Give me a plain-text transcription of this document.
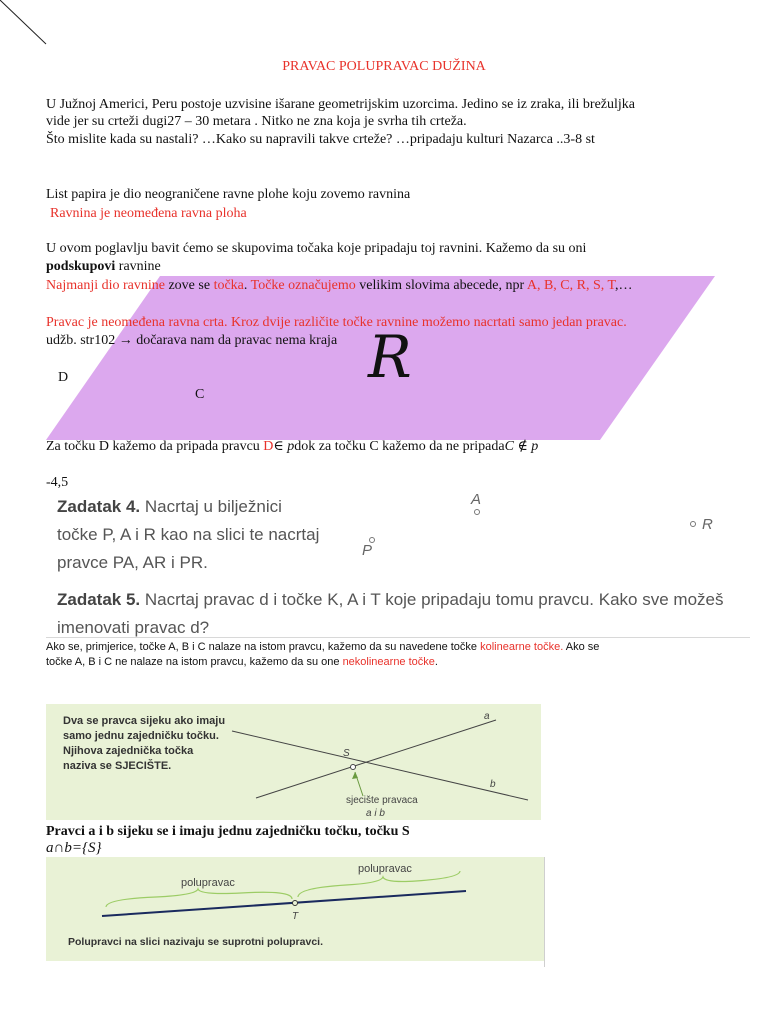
PRAVAC POLUPRAVAC DUŽINA
U Južnoj Americi, Peru postoje uzvisine išarane geometrijskim uzorcima. Jedino se iz zraka, ili brežuljka
vide jer su crteži dugi27 – 30 metara . Nitko ne zna koja je svrha tih crteža.
Što mislite kada su nastali? …Kako su napravili takve crteže? …pripadaju kulturi Nazarca ..3-8 st
List papira je dio neograničene ravne plohe koju zovemo ravnina
Ravnina je neomeđena ravna ploha
U ovom poglavlju bavit ćemo se skupovima točaka koje pripadaju toj ravnini. Kažemo da su oni
podskupovi ravnine
Najmanji dio ravnine zove se točka. Točke označujemo velikim slovima abecede, npr A, B, C, R, S, T,…
Pravac je neomeđena ravna crta. Kroz dvije različite točke ravnine možemo nacrtati samo jedan pravac.
udžb. str102 → dočarava nam da pravac nema kraja R
D
C
Za točku D kažemo da pripada pravcu D∈ pdok za točku C kažemo da ne pripadaC ∉ p
-4,5
Zadatak 4. Nacrtaj u bilježnici
točke P, A i R kao na slici te nacrtaj
pravce PA, AR i PR.
A
R
P
Zadatak 5. Nacrtaj pravac d i točke K, A i T koje pripadaju tomu pravcu. Kako sve možeš
imenovati pravac d?
Ako se, primjerice, točke A, B i C nalaze na istom pravcu, kažemo da su navedene točke kolinearne točke. Ako se
točke A, B i C ne nalaze na istom pravcu, kažemo da su one nekolinearne točke.
Dva se pravca sijeku ako imaju
samo jednu zajedničku točku.
Njihova zajednička točka
naziva se SJECIŠTE.
a
b
S
sjecište pravaca
a i b
Pravci a i b sijeku se i imaju jednu zajedničku točku, točku S
a∩b={S}
polupravac
polupravac
T
Polupravci na slici nazivaju se suprotni polupravci.
